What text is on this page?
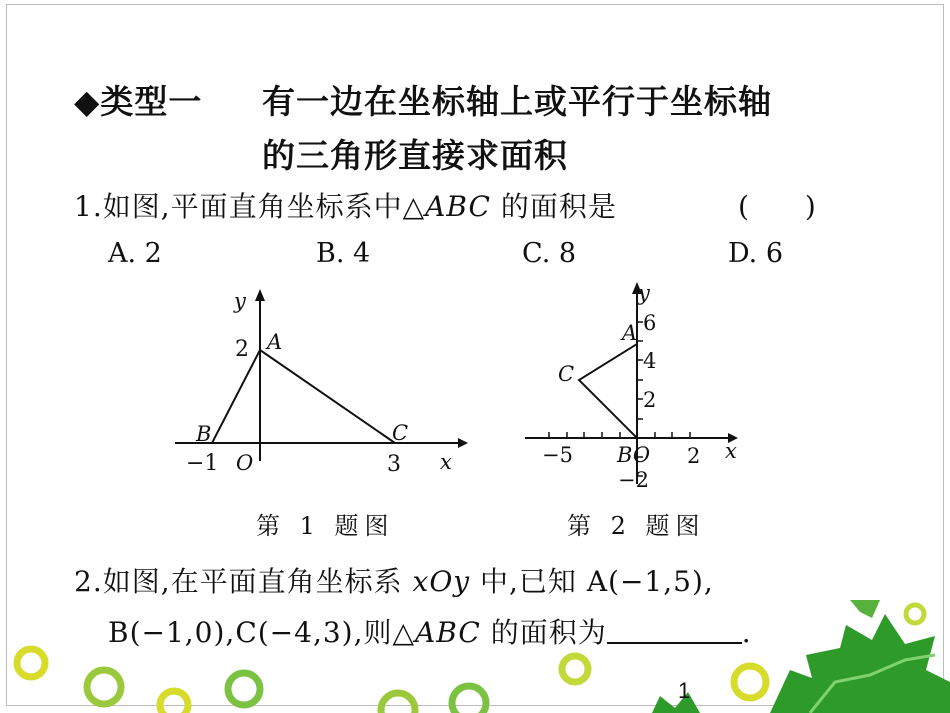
◆类型一 有一边在坐标轴上或平行于坐标轴
的三角形直接求面积
1.如图,平面直角坐标系中△ABC 的面积是	(　　)
A. 2	B. 4	C. 8	D. 6
y
x
2 A
B	C
−1 O	3
第 1 题图
y
x
6
4
2
−2
A
C
−5 BO 2
第 2 题图
2.如图,在平面直角坐标系 xOy 中,已知 A(−1,5),
B(−1,0),C(−4,3),则△ABC 的面积为	.
1
